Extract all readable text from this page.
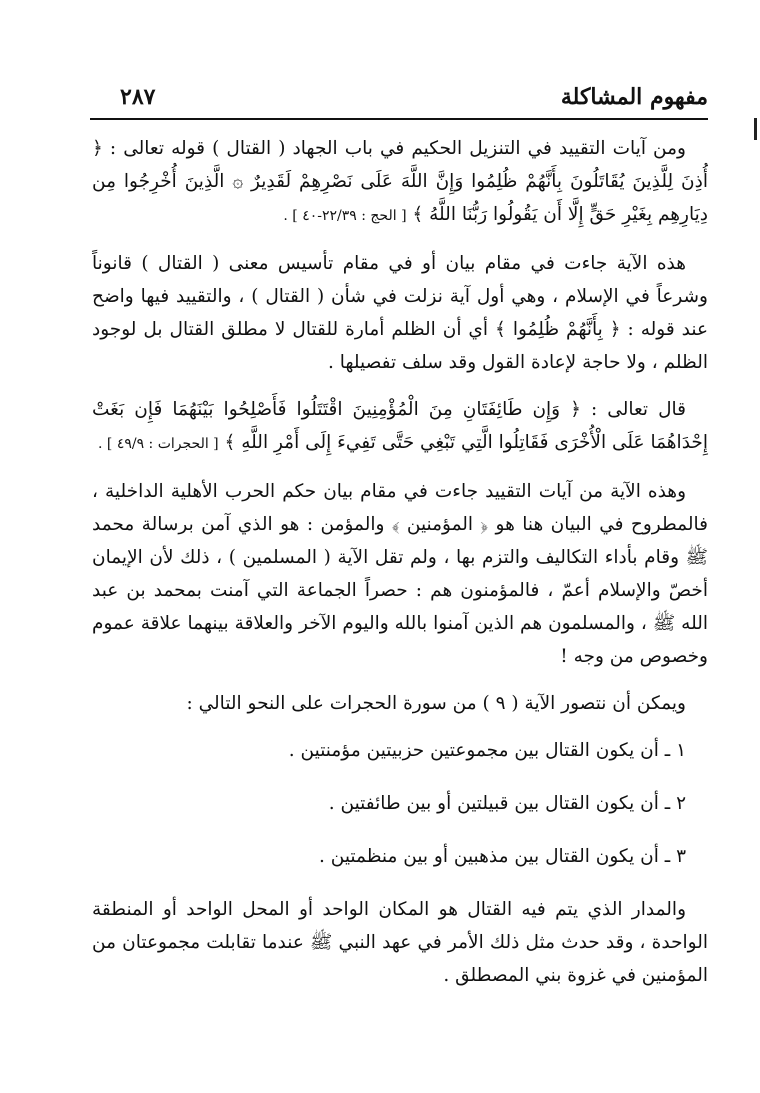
مفهوم المشاكلة
٢٨٧

ومن آيات التقييد في التنزيل الحكيم في باب الجهاد ( القتال ) قوله تعالى : ﴿ أُذِنَ لِلَّذِينَ يُقَاتَلُونَ بِأَنَّهُمْ ظُلِمُوا وَإِنَّ اللَّهَ عَلَى نَصْرِهِمْ لَقَدِيرٌ ۞ الَّذِينَ أُخْرِجُوا مِن دِيَارِهِم بِغَيْرِ حَقٍّ إِلَّا أَن يَقُولُوا رَبُّنَا اللَّهُ ﴾ [ الحج : ٢٢/٣٩-٤٠ ] .

هذه الآية جاءت في مقام بيان أو في مقام تأسيس معنى ( القتال ) قانوناً وشرعاً في الإسلام ، وهي أول آية نزلت في شأن ( القتال ) ، والتقييد فيها واضح عند قوله : ﴿ بِأَنَّهُمْ ظُلِمُوا ﴾ أي أن الظلم أمارة للقتال لا مطلق القتال بل لوجود الظلم ، ولا حاجة لإعادة القول وقد سلف تفصيلها .

قال تعالى : ﴿ وَإِن طَائِفَتَانِ مِنَ الْمُؤْمِنِينَ اقْتَتَلُوا فَأَصْلِحُوا بَيْنَهُمَا فَإِن بَغَتْ إِحْدَاهُمَا عَلَى الْأُخْرَى فَقَاتِلُوا الَّتِي تَبْغِي حَتَّى تَفِيءَ إِلَى أَمْرِ اللَّهِ ﴾ [ الحجرات : ٤٩/٩ ] .

وهذه الآية من آيات التقييد جاءت في مقام بيان حكم الحرب الأهلية الداخلية ، فالمطروح في البيان هنا هو ﴿ المؤمنين ﴾ والمؤمن : هو الذي آمن برسالة محمد ﷺ وقام بأداء التكاليف والتزم بها ، ولم تقل الآية ( المسلمين ) ، ذلك لأن الإيمان أخصّ والإسلام أعمّ ، فالمؤمنون هم : حصراً الجماعة التي آمنت بمحمد بن عبد الله ﷺ ، والمسلمون هم الذين آمنوا بالله واليوم الآخر والعلاقة بينهما علاقة عموم وخصوص من وجه !

ويمكن أن نتصور الآية ( ٩ ) من سورة الحجرات على النحو التالي :

١ ـ أن يكون القتال بين مجموعتين حزبيتين مؤمنتين .

٢ ـ أن يكون القتال بين قبيلتين أو بين طائفتين .

٣ ـ أن يكون القتال بين مذهبين أو بين منظمتين .

والمدار الذي يتم فيه القتال هو المكان الواحد أو المحل الواحد أو المنطقة الواحدة ، وقد حدث مثل ذلك الأمر في عهد النبي ﷺ عندما تقابلت مجموعتان من المؤمنين في غزوة بني المصطلق .
